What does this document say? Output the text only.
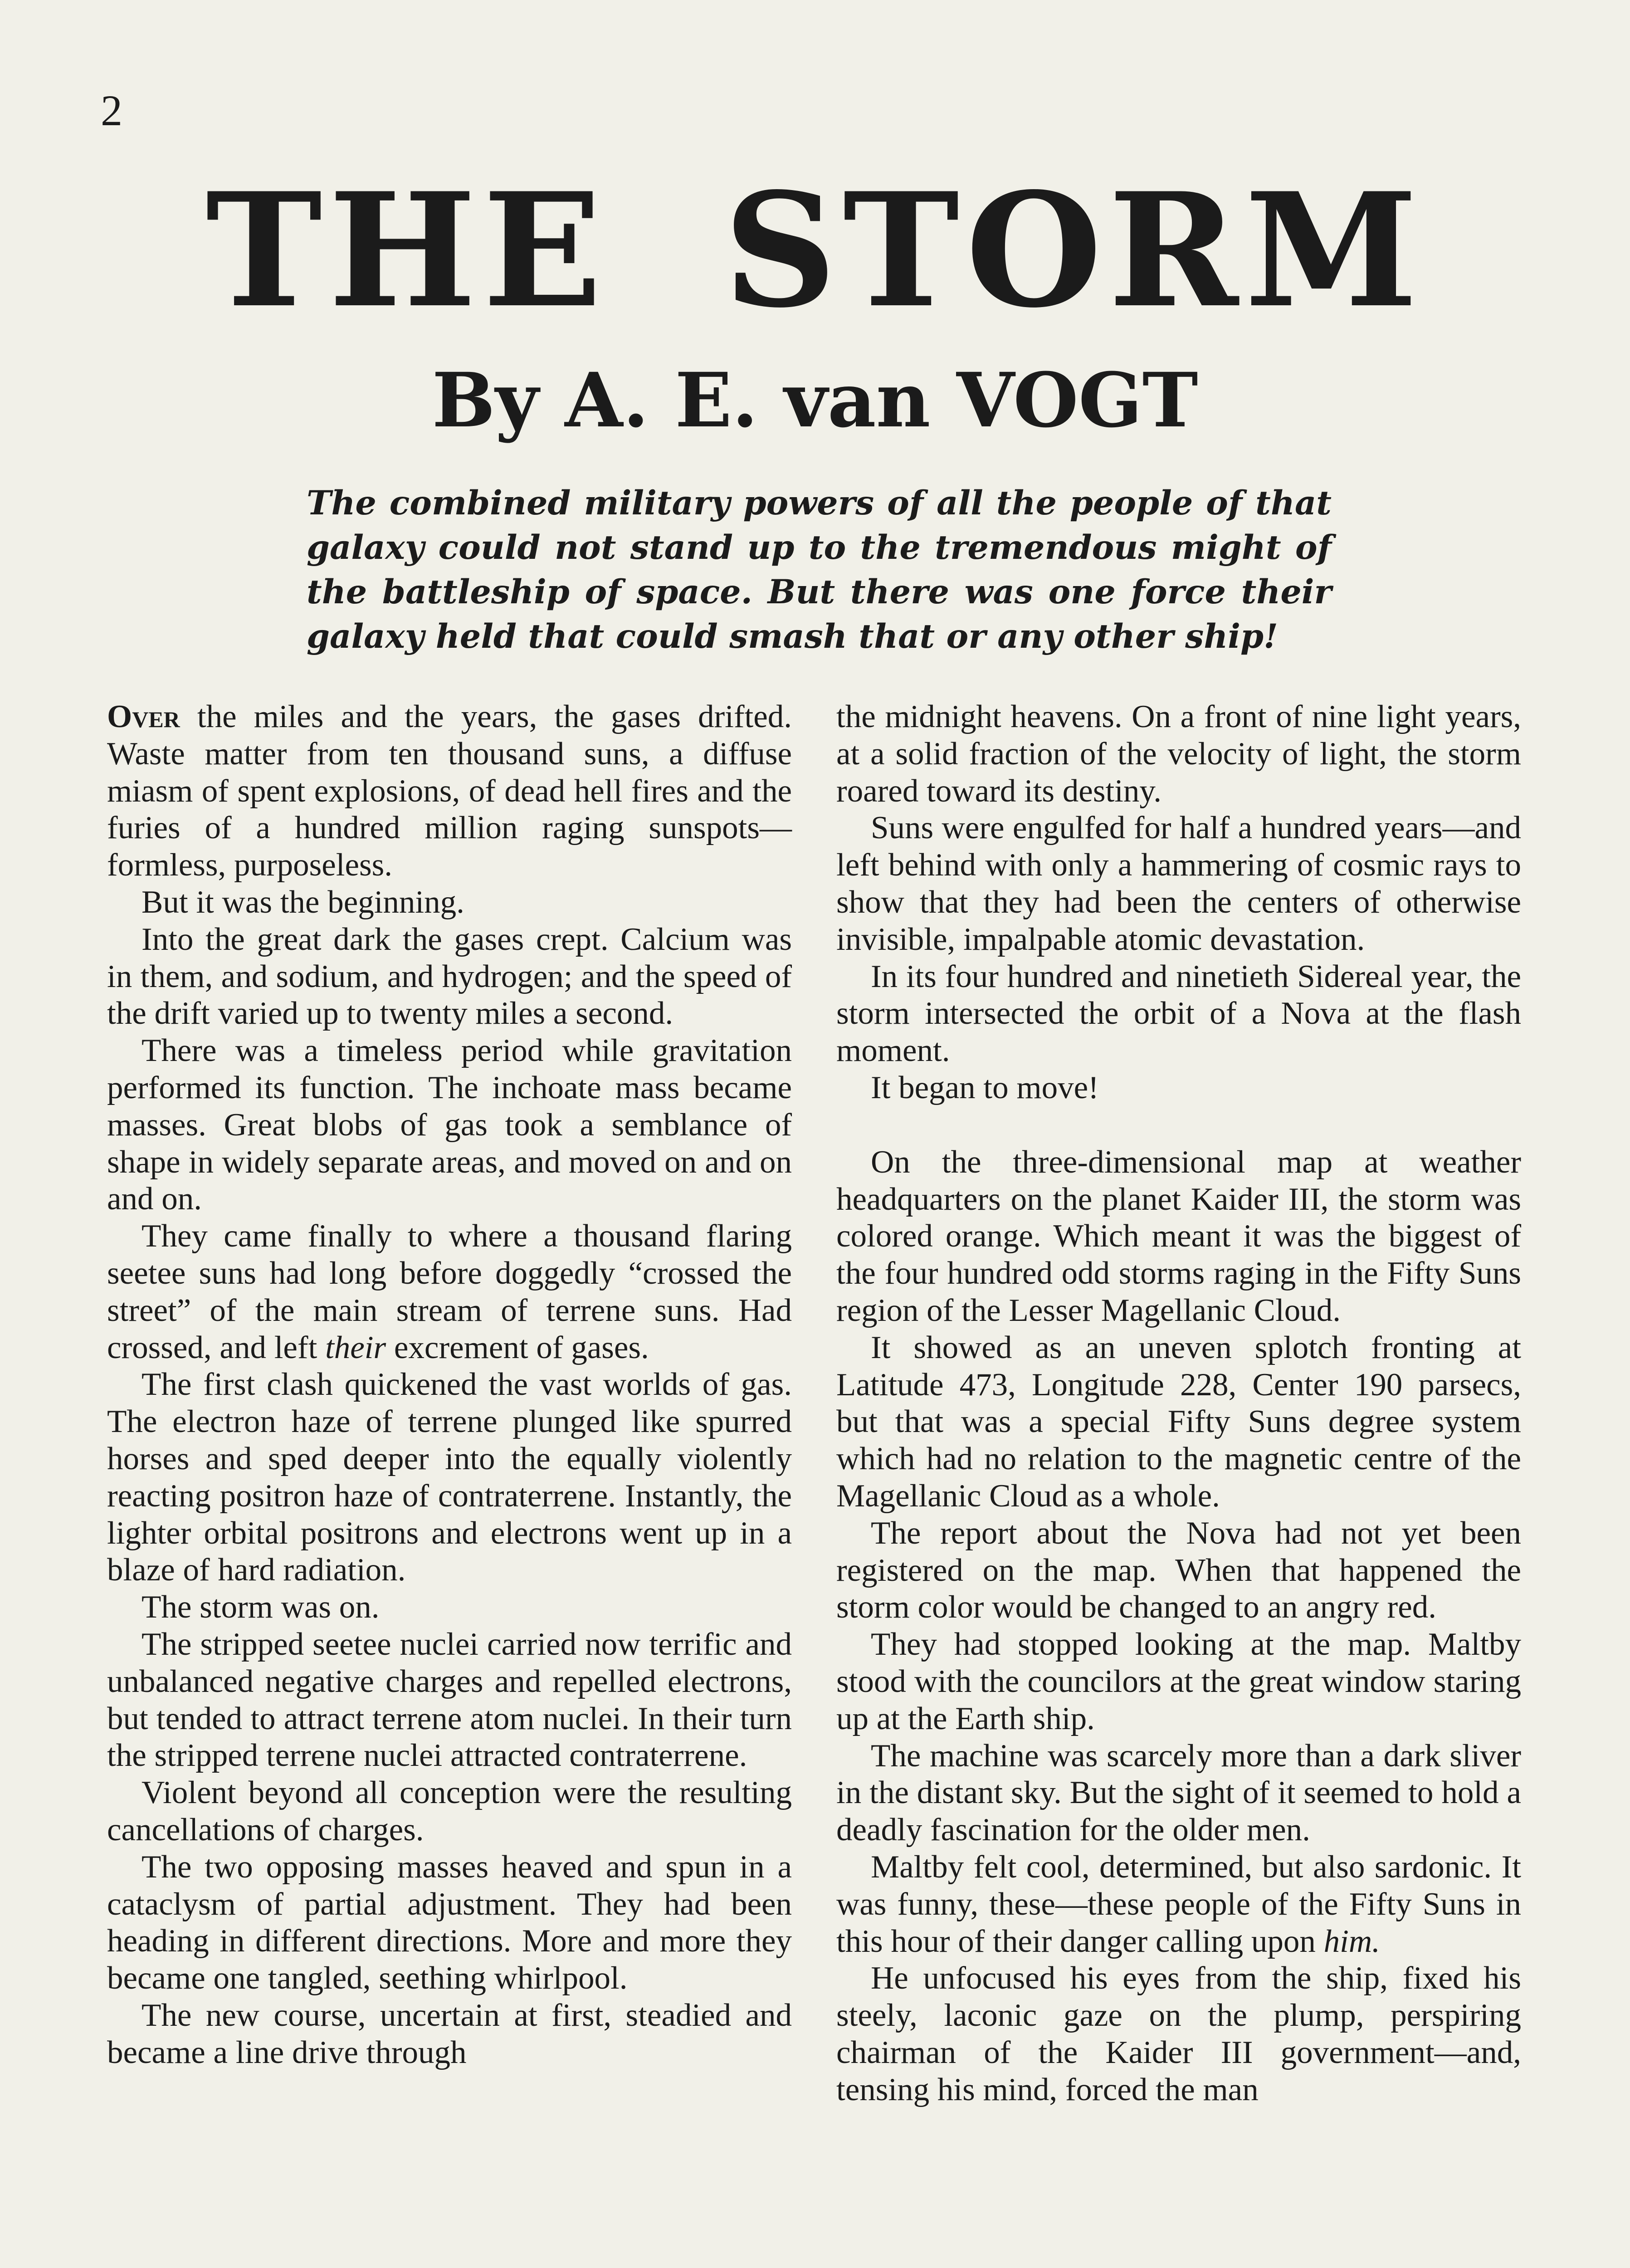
2
THE STORM
By A. E. van VOGT
The combined military powers of all the people of that galaxy could not stand up to the tremendous might of the battleship of space. But there was one force their galaxy held that could smash that or any other ship!

Over the miles and the years, the gases drifted. Waste matter from ten thousand suns, a diffuse miasm of spent explosions, of dead hell fires and the furies of a hundred million raging sunspots—formless, purposeless.

But it was the beginning.

Into the great dark the gases crept. Calcium was in them, and sodium, and hydrogen; and the speed of the drift varied up to twenty miles a second.

There was a timeless period while gravitation performed its function. The inchoate mass became masses. Great blobs of gas took a semblance of shape in widely separate areas, and moved on and on and on.

They came finally to where a thousand flaring seetee suns had long before doggedly “crossed the street” of the main stream of terrene suns. Had crossed, and left their excrement of gases.

The first clash quickened the vast worlds of gas. The electron haze of terrene plunged like spurred horses and sped deeper into the equally violently reacting positron haze of contraterrene. Instantly, the lighter orbital positrons and electrons went up in a blaze of hard radiation.

The storm was on.

The stripped seetee nuclei carried now terrific and unbalanced negative charges and repelled electrons, but tended to attract terrene atom nuclei. In their turn the stripped terrene nuclei attracted contraterrene.

Violent beyond all conception were the resulting cancellations of charges.

The two opposing masses heaved and spun in a cataclysm of partial adjustment. They had been heading in different directions. More and more they became one tangled, seething whirlpool.

The new course, uncertain at first, steadied and became a line drive through

the midnight heavens. On a front of nine light years, at a solid fraction of the velocity of light, the storm roared toward its destiny.

Suns were engulfed for half a hundred years—and left behind with only a hammering of cosmic rays to show that they had been the centers of otherwise invisible, impalpable atomic devastation.

In its four hundred and ninetieth Sidereal year, the storm intersected the orbit of a Nova at the flash moment.

It began to move!

On the three-dimensional map at weather headquarters on the planet Kaider III, the storm was colored orange. Which meant it was the biggest of the four hundred odd storms raging in the Fifty Suns region of the Lesser Magellanic Cloud.

It showed as an uneven splotch fronting at Latitude 473, Longitude 228, Center 190 parsecs, but that was a special Fifty Suns degree system which had no relation to the magnetic centre of the Magellanic Cloud as a whole.

The report about the Nova had not yet been registered on the map. When that happened the storm color would be changed to an angry red.

They had stopped looking at the map. Maltby stood with the councilors at the great window staring up at the Earth ship.

The machine was scarcely more than a dark sliver in the distant sky. But the sight of it seemed to hold a deadly fascination for the older men.

Maltby felt cool, determined, but also sardonic. It was funny, these—these people of the Fifty Suns in this hour of their danger calling upon him.

He unfocused his eyes from the ship, fixed his steely, laconic gaze on the plump, perspiring chairman of the Kaider III government—and, tensing his mind, forced the man
